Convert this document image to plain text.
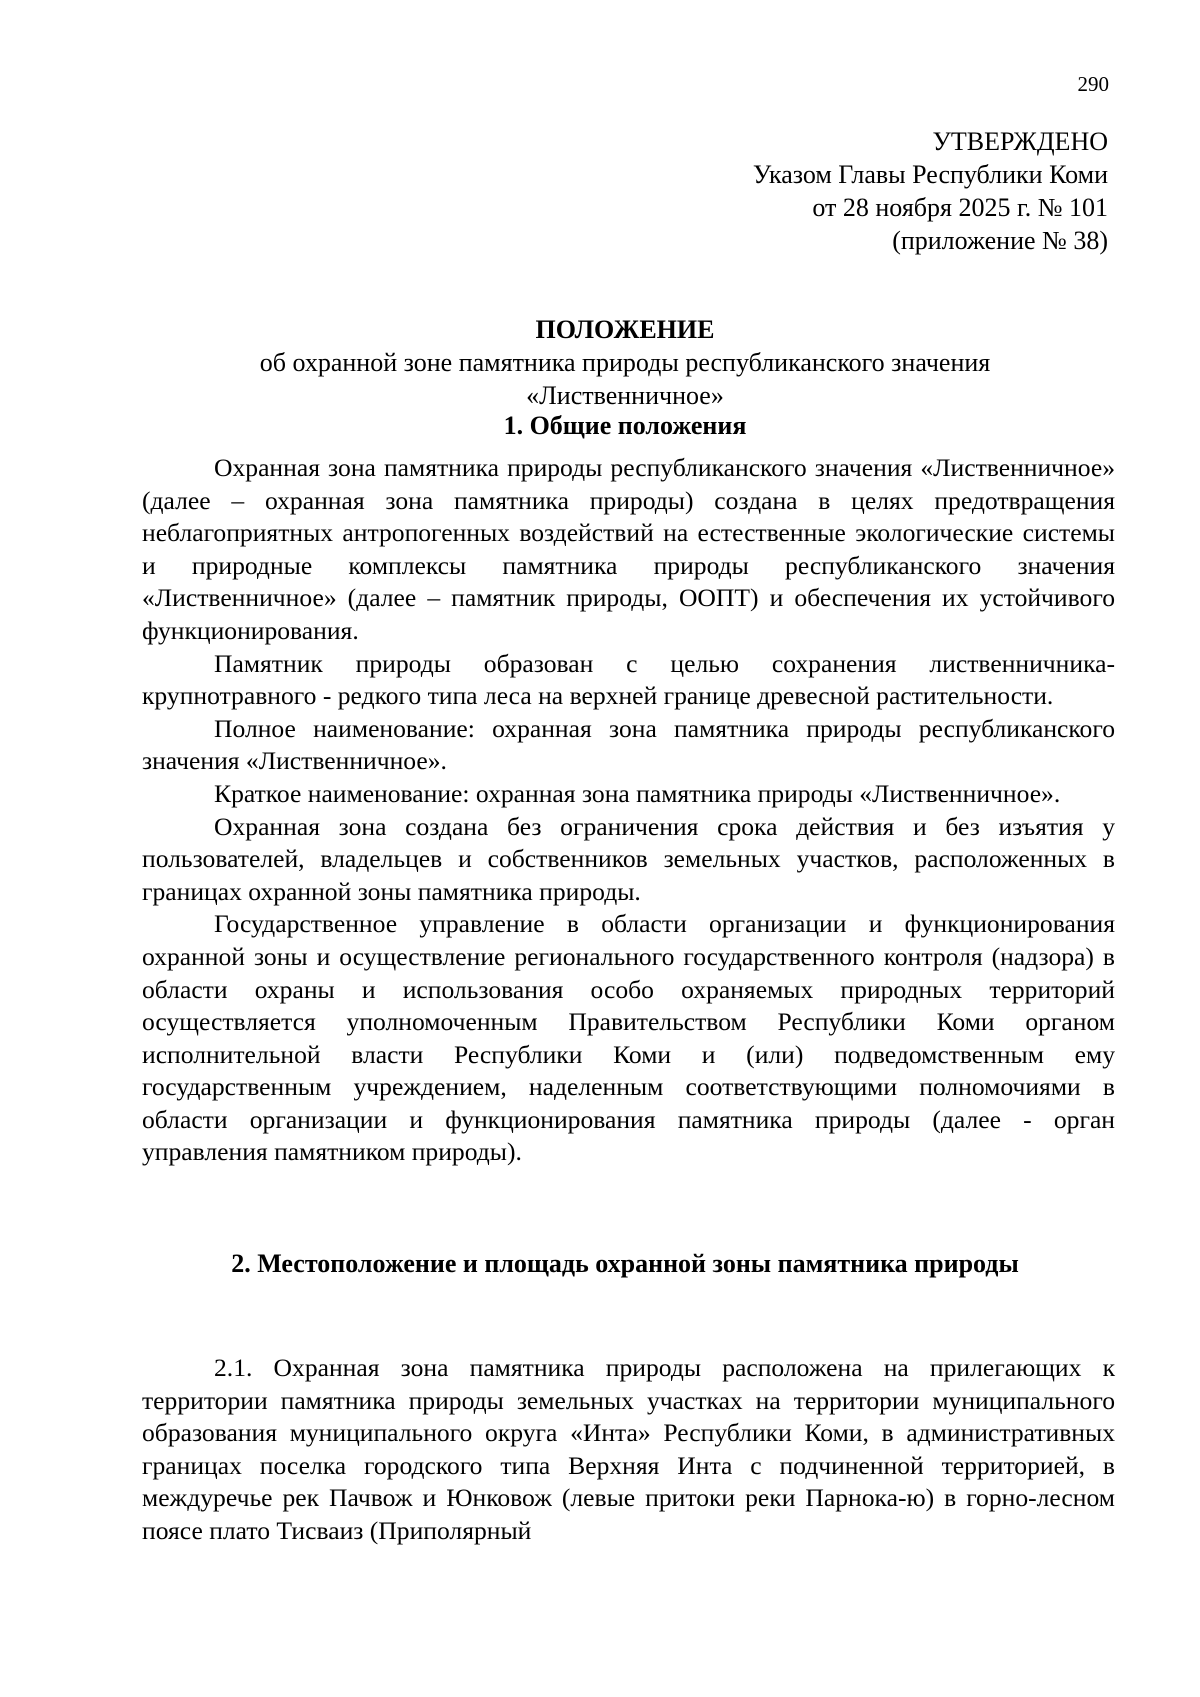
290
УТВЕРЖДЕНО
Указом Главы Республики Коми
от 28 ноября 2025 г. № 101
(приложение № 38)
ПОЛОЖЕНИЕ
об охранной зоне памятника природы республиканского значения
«Лиственничное»
1. Общие положения

Охранная зона памятника природы республиканского значения «Лиственничное» (далее – охранная зона памятника природы) создана в целях предотвращения неблагоприятных антропогенных воздействий на естественные экологические системы и природные комплексы памятника природы республиканского значения «Лиственничное» (далее – памятник природы, ООПТ) и обеспечения их устойчивого функционирования.

Памятник природы образован с целью сохранения лиственничника-крупнотравного - редкого типа леса на верхней границе древесной растительности.

Полное наименование: охранная зона памятника природы республиканского значения «Лиственничное».

Краткое наименование: охранная зона памятника природы «Лиственничное».

Охранная зона создана без ограничения срока действия и без изъятия у пользователей, владельцев и собственников земельных участков, расположенных в границах охранной зоны памятника природы.

Государственное управление в области организации и функционирования охранной зоны и осуществление регионального государственного контроля (надзора) в области охраны и использования особо охраняемых природных территорий осуществляется уполномоченным Правительством Республики Коми органом исполнительной власти Республики Коми и (или) подведомственным ему государственным учреждением, наделенным соответствующими полномочиями в области организации и функционирования памятника природы (далее - орган управления памятником природы).

2. Местоположение и площадь охранной зоны памятника природы

2.1. Охранная зона памятника природы расположена на прилегающих к территории памятника природы земельных участках на территории муниципального образования муниципального округа «Инта» Республики Коми, в административных границах поселка городского типа Верхняя Инта с подчиненной территорией, в междуречье рек Пачвож и Юнковож (левые притоки реки Парнока-ю) в горно-лесном поясе плато Тисваиз (Приполярный
